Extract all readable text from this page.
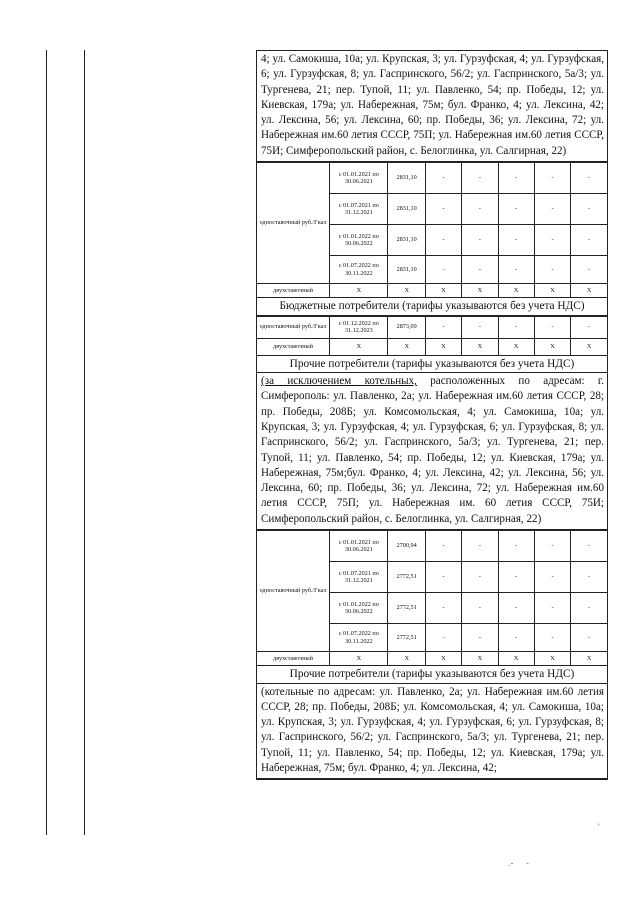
4; ул. Самокиша, 10а; ул. Крупская, 3; ул. Гурзуфская, 4; ул. Гурзуфская, 6; ул. Гурзуфская, 8; ул. Гаспринского, 56/2; ул. Гаспринского, 5а/3; ул. Тургенева, 21; пер. Тупой, 11; ул. Павленко, 54; пр. Победы, 12; ул. Киевская, 179а; ул. Набережная, 75м; бул. Франко, 4; ул. Лексина, 42; ул. Лексина, 56; ул. Лексина, 60; пр. Победы, 36; ул. Лексина, 72; ул. Набережная им.60 летия СССР, 75П; ул. Набережная им.60 летия СССР, 75И; Симферопольский район, с. Белоглинка, ул. Салгирная, 22)
одноставочный руб./Гкал	с 01.01.2021 по 30.06.2021	2831,10	-	-	-	-	-
	с 01.07.2021 по 31.12.2021	2831,10	-	-	-	-	-
	с 01.01.2022 по 30.06.2022	2831,10	-	-	-	-	-
	с 01.07.2022 по 30.11.2022	2831,10	-	-	-	-	-
двухставочный	X	X	X	X	X	X	X
Бюджетные потребители (тарифы указываются без учета НДС)
одноставочный руб./Гкал	с 01.12.2022 по 31.12.2023	2873,09	-	-	-	-	-
двухставочный	X	X	X	X	X	X	X
Прочие потребители (тарифы указываются без учета НДС)
(за исключением котельных, расположенных по адресам: г. Симферополь: ул. Павленко, 2а; ул. Набережная им.60 летия СССР, 28; пр. Победы, 208Б; ул. Комсомольская, 4; ул. Самокиша, 10а; ул. Крупская, 3; ул. Гурзуфская, 4; ул. Гурзуфская, 6; ул. Гурзуфская, 8; ул. Гаспринского, 56/2; ул. Гаспринского, 5а/3; ул. Тургенева, 21; пер. Тупой, 11; ул. Павленко, 54; пр. Победы, 12; ул. Киевская, 179а; ул. Набережная, 75м;бул. Франко, 4; ул. Лексина, 42; ул. Лексина, 56; ул. Лексина, 60; пр. Победы, 36; ул. Лексина, 72; ул. Набережная им.60 летия СССР, 75П; ул. Набережная им. 60 летия СССР, 75И; Симферопольский район, с. Белоглинка, ул. Салгирная, 22)
одноставочный руб./Гкал	с 01.01.2021 по 30.06.2021	2700,94	-	-	-	-	-
	с 01.07.2021 по 31.12.2021	2772,51	-	-	-	-	-
	с 01.01.2022 по 30.06.2022	2772,51	-	-	-	-	-
	с 01.07.2022 по 30.11.2022	2772,51	-	-	-	-	-
двухставочный	X	X	X	X	X	X	X
Прочие потребители (тарифы указываются без учета НДС)
(котельные по адресам: ул. Павленко, 2а; ул. Набережная им.60 летия СССР, 28; пр. Победы, 208Б; ул. Комсомольская, 4; ул. Самокиша, 10а; ул. Крупская, 3; ул. Гурзуфская, 4; ул. Гурзуфская, 6; ул. Гурзуфская, 8; ул. Гаспринского, 56/2; ул. Гаспринского, 5а/3; ул. Тургенева, 21; пер. Тупой, 11; ул. Павленко, 54; пр. Победы, 12; ул. Киевская, 179а; ул. Набережная, 75м; бул. Франко, 4; ул. Лексина, 42;
'
.-     -
